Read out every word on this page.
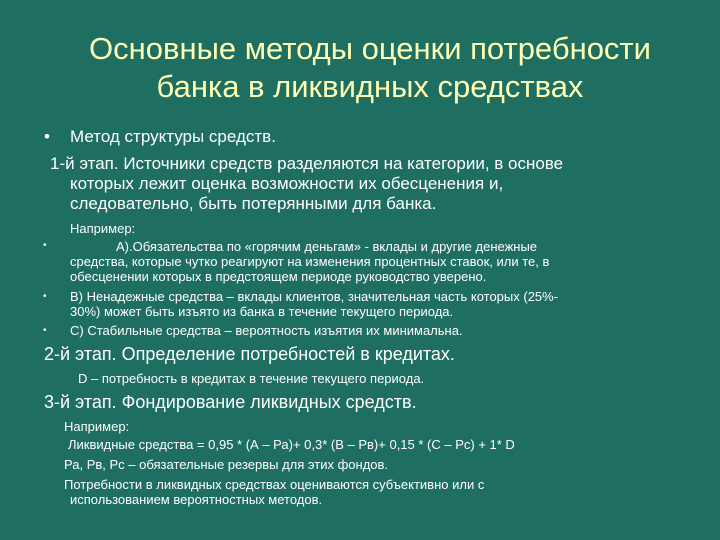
Основные методы оценки потребности
банка в ликвидных средствах
• Метод структуры средств.
1-й этап. Источники средств разделяются на категории, в основе
которых лежит оценка возможности их обесценения и,
следовательно, быть потерянными для банка.
Например:
•	А).Обязательства по «горячим деньгам» - вклады и другие денежные
средства, которые чутко реагируют на изменения процентных ставок, или те, в
обесценении которых в предстоящем периоде руководство уверено.
• В) Ненадежные средства – вклады клиентов, значительная часть которых (25%-
30%) может быть изъято из банка в течение текущего периода.
• С) Стабильные средства – вероятность изъятия их минимальна.
2-й этап. Определение потребностей в кредитах.
D – потребность в кредитах в течение текущего периода.
3-й этап. Фондирование ликвидных средств.
Например:
Ликвидные средства = 0,95 * (А – Ра)+ 0,3* (В – Рв)+ 0,15 * (С – Рс) + 1* D
Ра, Рв, Рс – обязательные резервы для этих фондов.
Потребности в ликвидных средствах оцениваются субъективно или с
использованием вероятностных методов.
